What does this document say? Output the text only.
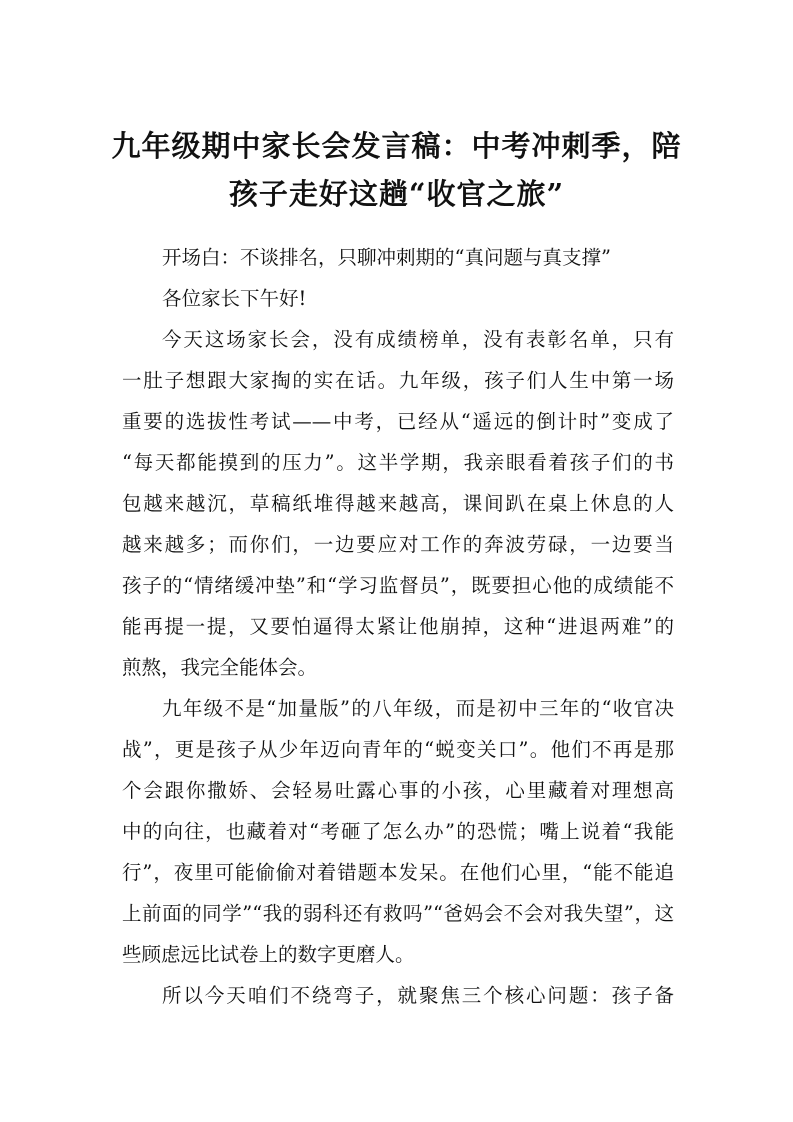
九年级期中家长会发言稿：中考冲刺季，陪
孩子走好这趟“收官之旅”
开场白：不谈排名，只聊冲刺期的“真问题与真支撑”
各位家长下午好!
今天这场家长会，没有成绩榜单，没有表彰名单，只有
一肚子想跟大家掏的实在话。九年级，孩子们人生中第一场
重要的选拔性考试——中考，已经从“遥远的倒计时”变成了
“每天都能摸到的压力”。这半学期，我亲眼看着孩子们的书
包越来越沉，草稿纸堆得越来越高，课间趴在桌上休息的人
越来越多；而你们，一边要应对工作的奔波劳碌，一边要当
孩子的“情绪缓冲垫”和“学习监督员”，既要担心他的成绩能不
能再提一提，又要怕逼得太紧让他崩掉，这种“进退两难”的
煎熬，我完全能体会。
九年级不是“加量版”的八年级，而是初中三年的“收官决
战”，更是孩子从少年迈向青年的“蜕变关口”。他们不再是那
个会跟你撒娇、会轻易吐露心事的小孩，心里藏着对理想高
中的向往，也藏着对“考砸了怎么办”的恐慌；嘴上说着“我能
行”，夜里可能偷偷对着错题本发呆。在他们心里，“能不能追
上前面的同学”“我的弱科还有救吗”“爸妈会不会对我失望”，这
些顾虑远比试卷上的数字更磨人。
所以今天咱们不绕弯子，就聚焦三个核心问题：孩子备
